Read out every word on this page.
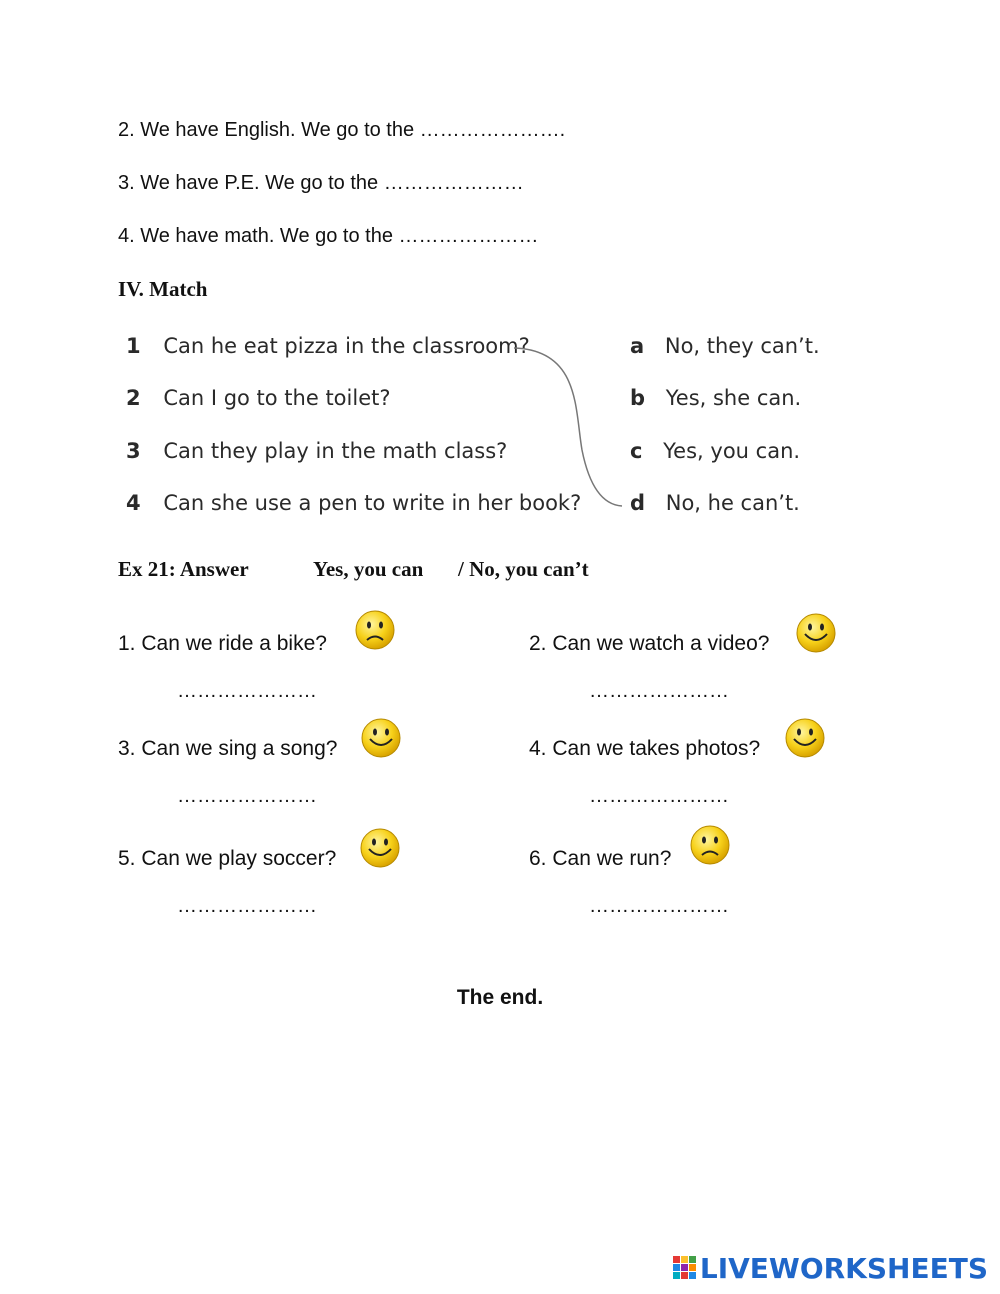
2. We have English. We go to the ………………….
3. We have P.E. We go to the …………………
4. We have math. We go to the …………………
IV. Match
1 Can he eat pizza in the classroom?
2 Can I go to the toilet?
3 Can they play in the math class?
4 Can she use a pen to write in her book?
a No, they can’t.
b Yes, she can.
c Yes, you can.
d No, he can’t.
Ex 21: Answer	Yes, you can / No, you can’t
1. Can we ride a bike?
…………………
2. Can we watch a video?
…………………
3. Can we sing a song?
…………………
4. Can we takes photos?
…………………
5. Can we play soccer?
…………………
6. Can we run?
…………………
The end.
LIVEWORKSHEETS
